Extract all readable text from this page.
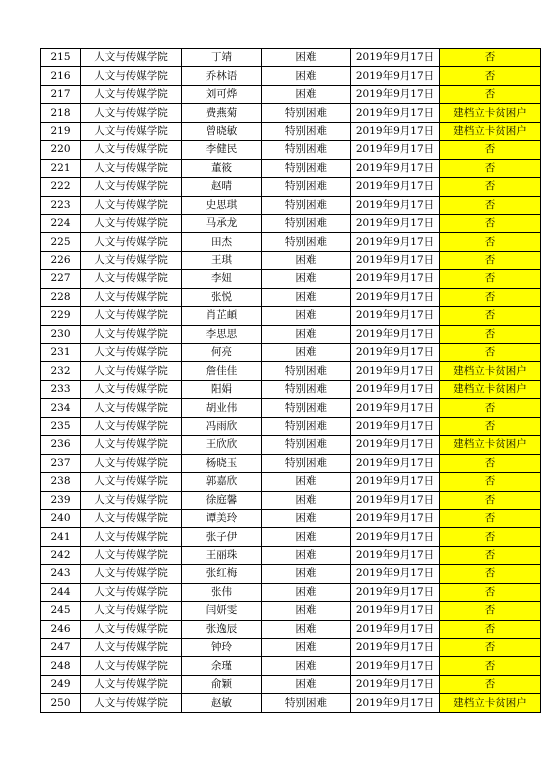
215	人文与传媒学院	丁靖	困难	2019年9月17日	否
216	人文与传媒学院	乔林语	困难	2019年9月17日	否
217	人文与传媒学院	刘可烨	困难	2019年9月17日	否
218	人文与传媒学院	费燕菊	特别困难	2019年9月17日	建档立卡贫困户
219	人文与传媒学院	曾晓敏	特别困难	2019年9月17日	建档立卡贫困户
220	人文与传媒学院	李健民	特别困难	2019年9月17日	否
221	人文与传媒学院	董筱	特别困难	2019年9月17日	否
222	人文与传媒学院	赵晴	特别困难	2019年9月17日	否
223	人文与传媒学院	史思琪	特别困难	2019年9月17日	否
224	人文与传媒学院	马承龙	特别困难	2019年9月17日	否
225	人文与传媒学院	田杰	特别困难	2019年9月17日	否
226	人文与传媒学院	王琪	困难	2019年9月17日	否
227	人文与传媒学院	李妞	困难	2019年9月17日	否
228	人文与传媒学院	张悦	困难	2019年9月17日	否
229	人文与传媒学院	肖芷頔	困难	2019年9月17日	否
230	人文与传媒学院	李思思	困难	2019年9月17日	否
231	人文与传媒学院	何亮	困难	2019年9月17日	否
232	人文与传媒学院	詹佳佳	特别困难	2019年9月17日	建档立卡贫困户
233	人文与传媒学院	阳娟	特别困难	2019年9月17日	建档立卡贫困户
234	人文与传媒学院	胡业伟	特别困难	2019年9月17日	否
235	人文与传媒学院	冯雨欣	特别困难	2019年9月17日	否
236	人文与传媒学院	王欣欣	特别困难	2019年9月17日	建档立卡贫困户
237	人文与传媒学院	杨晓玉	特别困难	2019年9月17日	否
238	人文与传媒学院	郭嘉欣	困难	2019年9月17日	否
239	人文与传媒学院	徐庭馨	困难	2019年9月17日	否
240	人文与传媒学院	谭美玲	困难	2019年9月17日	否
241	人文与传媒学院	张子伊	困难	2019年9月17日	否
242	人文与传媒学院	王丽珠	困难	2019年9月17日	否
243	人文与传媒学院	张红梅	困难	2019年9月17日	否
244	人文与传媒学院	张伟	困难	2019年9月17日	否
245	人文与传媒学院	闫妍雯	困难	2019年9月17日	否
246	人文与传媒学院	张逸辰	困难	2019年9月17日	否
247	人文与传媒学院	钟玲	困难	2019年9月17日	否
248	人文与传媒学院	余瑾	困难	2019年9月17日	否
249	人文与传媒学院	俞颖	困难	2019年9月17日	否
250	人文与传媒学院	赵敏	特别困难	2019年9月17日	建档立卡贫困户
